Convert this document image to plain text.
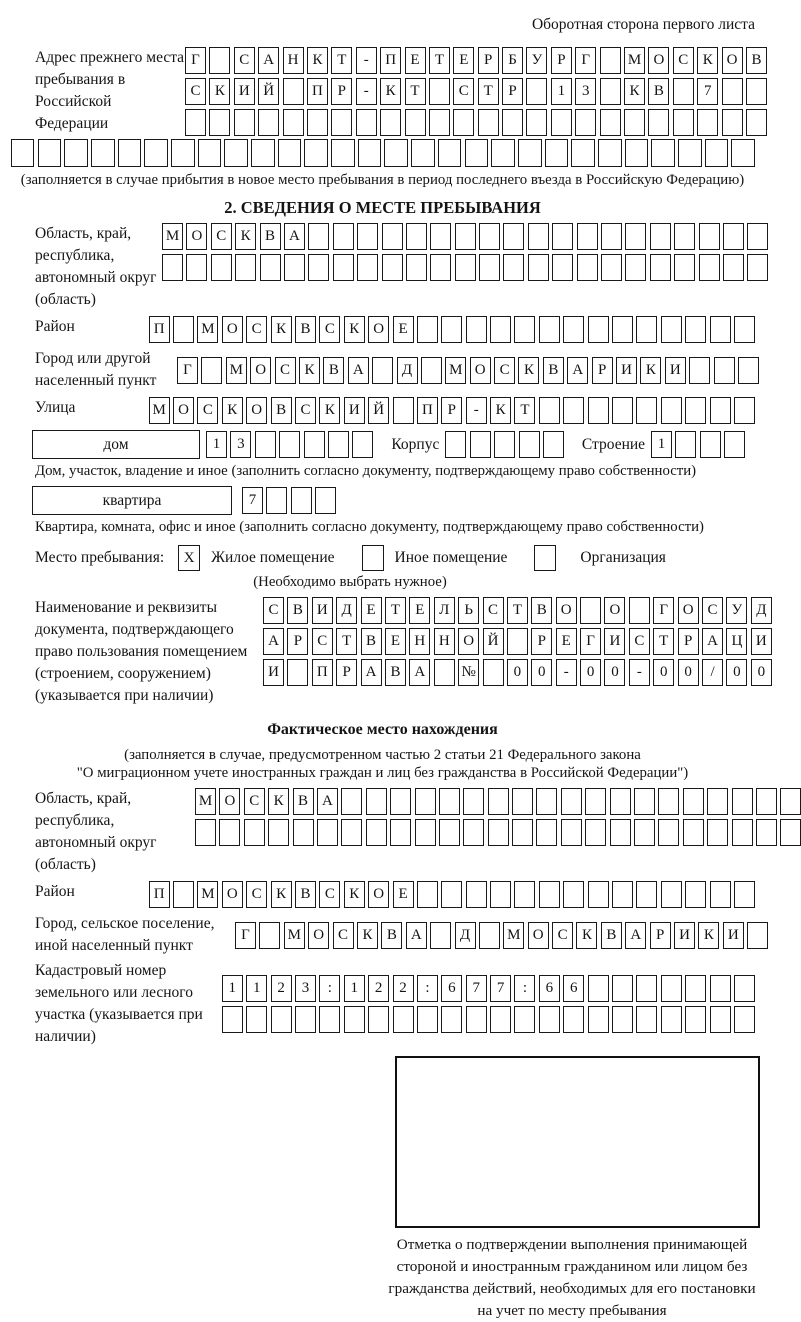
Оборотная сторона первого листа
Адрес прежнего места пребывания в Российской Федерации
Г	С А Н К Т	-	П Е	Т	Е	Р	Б У Р	Г	М О С К О В
С К И Й	П Р	-	К Т	С Т	Р	1	3	К В	7
(заполняется в случае прибытия в новое место пребывания в период последнего въезда в Российскую Федерацию)
2. СВЕДЕНИЯ О МЕСТЕ ПРЕБЫВАНИЯ
Область, край, республика, автономный округ (область)
М О С К В А
Район	П	М О С К В С К О Е
Город или другой населенный пункт
Г	М О С К В А	Д	М О С К В А Р И К И
Улица	М О С К О В С К И Й	П Р	-	К Т
дом	1	3	Корпус	Строение 1
Дом, участок, владение и иное (заполнить согласно документу, подтверждающему право собственности)
квартира	7
Квартира, комната, офис и иное (заполнить согласно документу, подтверждающему право собственности)
Место пребывания:	X	Жилое помещение	Иное помещение	Организация
(Необходимо выбрать нужное)
Наименование и реквизиты документа, подтверждающего право пользования помещением (строением, сооружением) (указывается при наличии)
С В И Д Е	Т	Е Л Ь	С Т В О	О	Г О С У Д
А Р	С Т В Е Н Н О Й	Р	Е	Г И С Т	Р А Ц И
И	П Р А В А	№	0	0	-	0	0	-	0	0	/	0	0
Фактическое место нахождения
(заполняется в случае, предусмотренном частью 2 статьи 21 Федерального закона
"О миграционном учете иностранных граждан и лиц без гражданства в Российской Федерации")
Область, край, республика, автономный округ (область)
М О С К В А
Район	П	М О С К В С К О Е
Город, сельское поселение, иной населенный пункт
Г	М О С К В А	Д	М О С К В А Р И К И
Кадастровый номер земельного или лесного участка (указывается при наличии)
1	1	2	3	:	1	2	2	:	6	7	7	:	6	6
Отметка о подтверждении выполнения принимающей стороной и иностранным гражданином или лицом без гражданства действий, необходимых для его постановки на учет по месту пребывания
